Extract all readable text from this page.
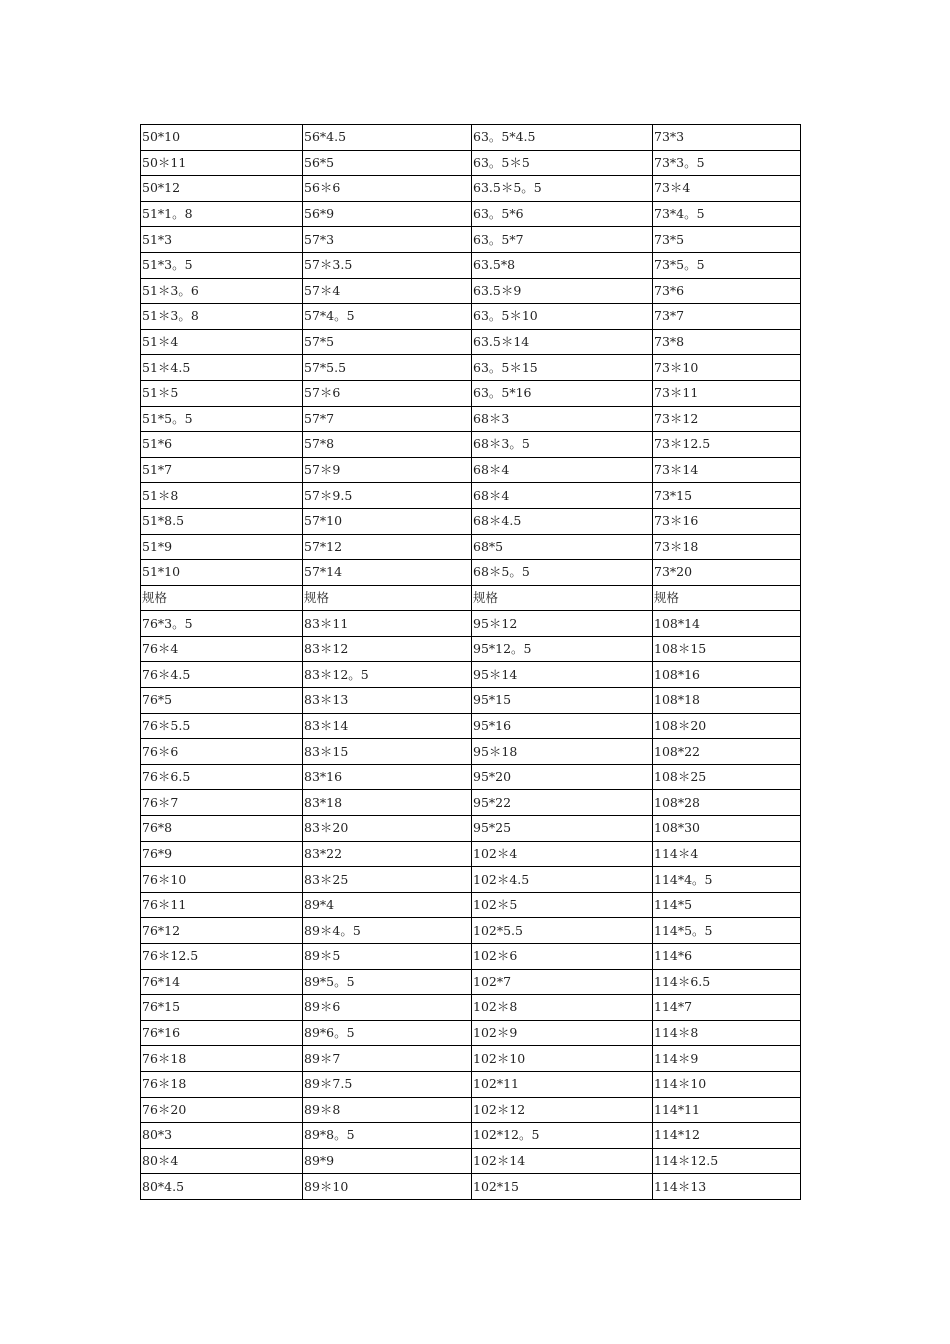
50*10	56*4.5	63。5*4.5	73*3
50＊11	56*5	63。5＊5	73*3。5
50*12	56＊6	63.5＊5。5	73＊4
51*1。8	56*9	63。5*6	73*4。5
51*3	57*3	63。5*7	73*5
51*3。5	57＊3.5	63.5*8	73*5。5
51＊3。6	57＊4	63.5＊9	73*6
51＊3。8	57*4。5	63。5＊10	73*7
51＊4	57*5	63.5＊14	73*8
51＊4.5	57*5.5	63。5＊15	73＊10
51＊5	57＊6	63。5*16	73＊11
51*5。5	57*7	68＊3	73＊12
51*6	57*8	68＊3。5	73＊12.5
51*7	57＊9	68＊4	73＊14
51＊8	57＊9.5	68＊4	73*15
51*8.5	57*10	68＊4.5	73＊16
51*9	57*12	68*5	73＊18
51*10	57*14	68＊5。5	73*20
规格	规格	规格	规格
76*3。5	83＊11	95＊12	108*14
76＊4	83＊12	95*12。5	108＊15
76＊4.5	83＊12。5	95＊14	108*16
76*5	83＊13	95*15	108*18
76＊5.5	83＊14	95*16	108＊20
76＊6	83＊15	95＊18	108*22
76＊6.5	83*16	95*20	108＊25
76＊7	83*18	95*22	108*28
76*8	83＊20	95*25	108*30
76*9	83*22	102＊4	114＊4
76＊10	83＊25	102＊4.5	114*4。5
76＊11	89*4	102＊5	114*5
76*12	89＊4。5	102*5.5	114*5。5
76＊12.5	89＊5	102＊6	114*6
76*14	89*5。5	102*7	114＊6.5
76*15	89＊6	102＊8	114*7
76*16	89*6。5	102＊9	114＊8
76＊18	89＊7	102＊10	114＊9
76＊18	89＊7.5	102*11	114＊10
76＊20	89＊8	102＊12	114*11
80*3	89*8。5	102*12。5	114*12
80＊4	89*9	102＊14	114＊12.5
80*4.5	89＊10	102*15	114＊13
